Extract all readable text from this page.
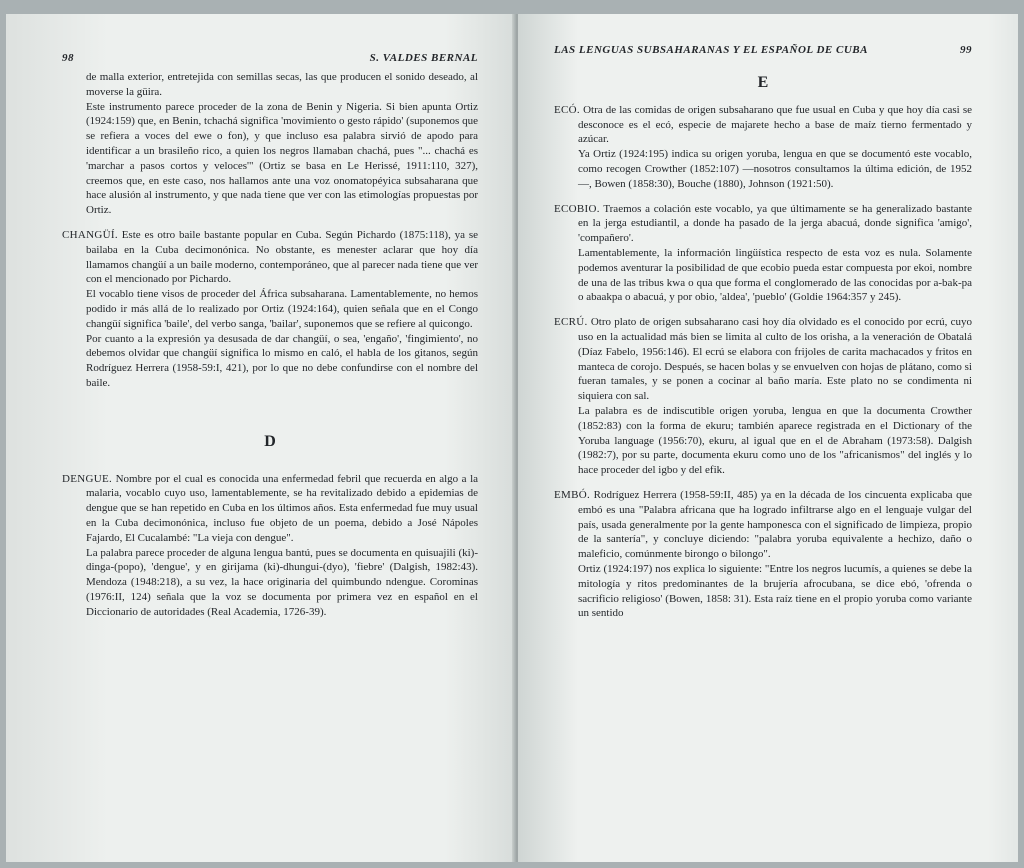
98	S. VALDES BERNAL

de malla exterior, entretejida con semillas secas, las que producen el sonido deseado, al moverse la güira.

Este instrumento parece proceder de la zona de Benin y Nigeria. Si bien apunta Ortiz (1924:159) que, en Benin, tchachá significa 'movimiento o gesto rápido' (suponemos que se refiera a voces del ewe o fon), y que incluso esa palabra sirvió de apodo para identificar a un brasileño rico, a quien los negros llamaban chachá, pues "... chachá es 'marchar a pasos cortos y veloces'" (Ortiz se basa en Le Herissé, 1911:110, 327), creemos que, en este caso, nos hallamos ante una voz onomatopéyica subsaharana que hace alusión al instrumento, y que nada tiene que ver con las etimologías propuestas por Ortiz.

CHANGÜÍ. Este es otro baile bastante popular en Cuba. Según Pichardo (1875:118), ya se bailaba en la Cuba decimonónica. No obstante, es menester aclarar que hoy día llamamos changüí a un baile moderno, contemporáneo, que al parecer nada tiene que ver con el mencionado por Pichardo.

El vocablo tiene visos de proceder del África subsaharana. Lamentablemente, no hemos podido ir más allá de lo realizado por Ortiz (1924:164), quien señala que en el Congo changüí significa 'baile', del verbo sanga, 'bailar', suponemos que se refiere al quicongo.

Por cuanto a la expresión ya desusada de dar changüí, o sea, 'engaño', 'fingimiento', no debemos olvidar que changüí significa lo mismo en caló, el habla de los gitanos, según Rodríguez Herrera (1958-59:I, 421), por lo que no debe confundirse con el nombre del baile.

D

DENGUE. Nombre por el cual es conocida una enfermedad febril que recuerda en algo a la malaria, vocablo cuyo uso, lamentablemente, se ha revitalizado debido a epidemias de dengue que se han repetido en Cuba en los últimos años. Esta enfermedad fue muy usual en la Cuba decimonónica, incluso fue objeto de un poema, debido a José Nápoles Fajardo, El Cucalambé: "La vieja con dengue".

La palabra parece proceder de alguna lengua bantú, pues se documenta en quisuajili (ki)-dinga-(popo), 'dengue', y en girijama (ki)-dhungui-(dyo), 'fiebre' (Dalgish, 1982:43). Mendoza (1948:218), a su vez, la hace originaria del quimbundo ndengue. Corominas (1976:II, 124) señala que la voz se documenta por primera vez en español en el Diccionario de autoridades (Real Academia, 1726-39).

LAS LENGUAS SUBSAHARANAS Y EL ESPAÑOL DE CUBA	99
E

ECÓ. Otra de las comidas de origen subsaharano que fue usual en Cuba y que hoy día casi se desconoce es el ecó, especie de majarete hecho a base de maíz tierno fermentado y azúcar.

Ya Ortiz (1924:195) indica su origen yoruba, lengua en que se documentó este vocablo, como recogen Crowther (1852:107) —nosotros consultamos la última edición, de 1952—, Bowen (1858:30), Bouche (1880), Johnson (1921:50).

ECOBIO. Traemos a colación este vocablo, ya que últimamente se ha generalizado bastante en la jerga estudiantil, a donde ha pasado de la jerga abacuá, donde significa 'amigo', 'compañero'.

Lamentablemente, la información lingüística respecto de esta voz es nula. Solamente podemos aventurar la posibilidad de que ecobio pueda estar compuesta por ekoi, nombre de una de las tribus kwa o qua que forma el conglomerado de las conocidas por a-bak-pa o abaakpa o abacuá, y por obio, 'aldea', 'pueblo' (Goldie 1964:357 y 245).

ECRÚ. Otro plato de origen subsaharano casi hoy día olvidado es el conocido por ecrú, cuyo uso en la actualidad más bien se limita al culto de los orisha, a la veneración de Obatalá (Díaz Fabelo, 1956:146). El ecrú se elabora con frijoles de carita machacados y fritos en manteca de corojo. Después, se hacen bolas y se envuelven con hojas de plátano, como si fueran tamales, y se ponen a cocinar al baño maría. Este plato no se condimenta ni siquiera con sal.

La palabra es de indiscutible origen yoruba, lengua en que la documenta Crowther (1852:83) con la forma de ekuru; también aparece registrada en el Dictionary of the Yoruba language (1956:70), ekuru, al igual que en el de Abraham (1973:58). Dalgish (1982:7), por su parte, documenta ekuru como uno de los "africanismos" del inglés y lo hace proceder del igbo y del efik.

EMBÓ. Rodríguez Herrera (1958-59:II, 485) ya en la década de los cincuenta explicaba que embó es una "Palabra africana que ha logrado infiltrarse algo en el lenguaje vulgar del país, usada generalmente por la gente hamponesca con el significado de limpieza, propio de la santería", y concluye diciendo: "palabra yoruba equivalente a hechizo, daño o maleficio, comúnmente birongo o bilongo".

Ortiz (1924:197) nos explica lo siguiente: "Entre los negros lucumís, a quienes se debe la mitología y ritos predominantes de la brujería afrocubana, se dice ebó, 'ofrenda o sacrificio religioso' (Bowen, 1858: 31). Esta raíz tiene en el propio yoruba como variante un sentido
